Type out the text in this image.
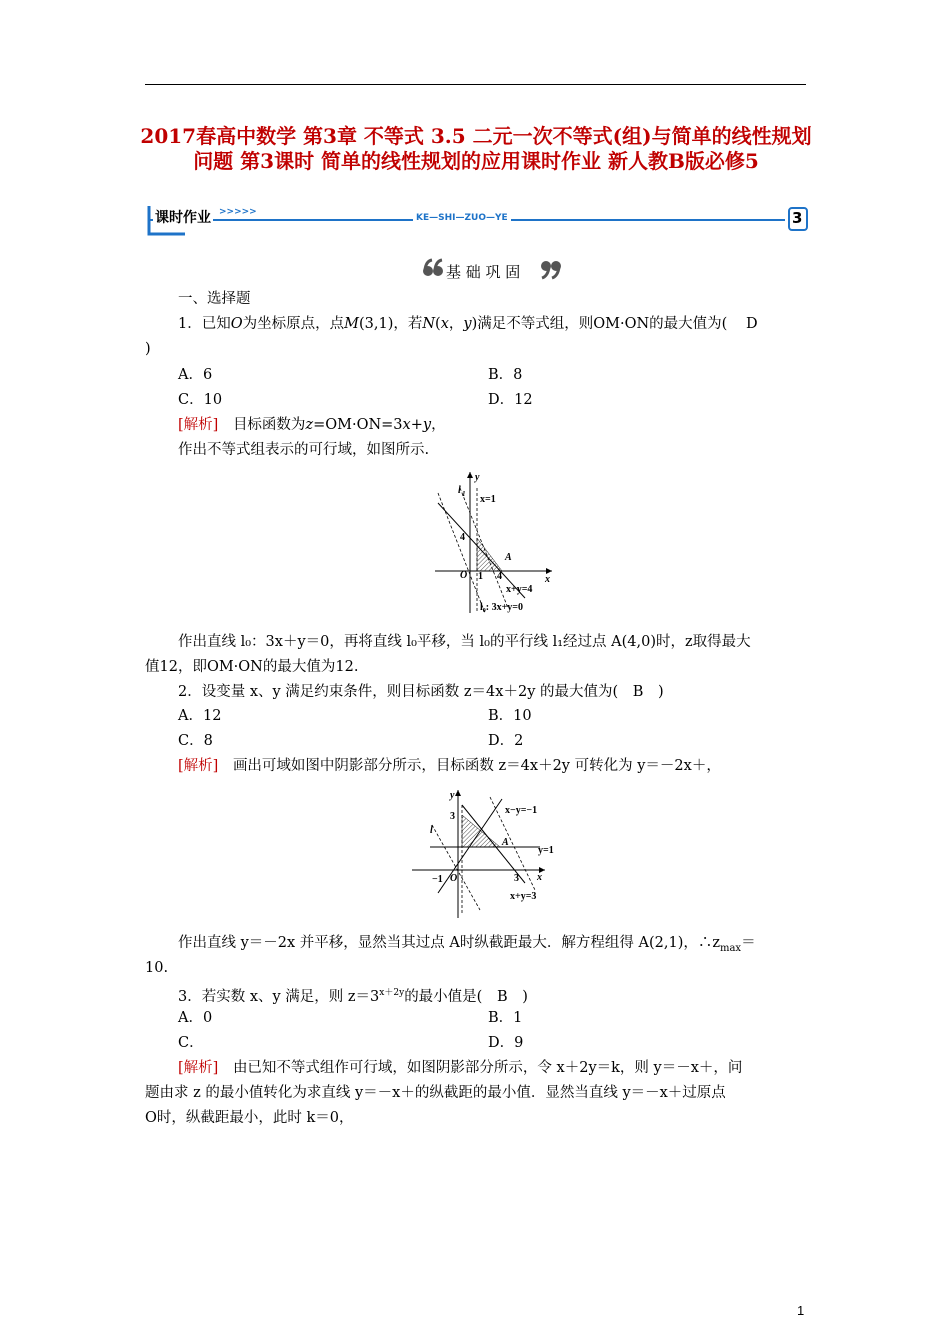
2017春高中数学 第3章 不等式 3.5 二元一次不等式(组)与简单的线性规划问题 第3课时 简单的线性规划的应用课时作业 新人教B版必修5
课时作业 >>>>>
KE—SHI—ZUO—YE	3
基 础 巩 固
一、选择题
1．已知O为坐标原点，点M(3,1)，若N(x，y)满足不等式组，则OM·ON的最大值为( D
)
A．6	B．8
C．10	D．12
[解析] 目标函数为z=OM·ON=3x+y，
作出不等式组表示的可行域，如图所示.
y
x
l 1 x=1
4
O 1 4
A
x+y=4
l₀: 3x+y=0
作出直线 l₀：3x＋y＝0，再将直线 l₀平移，当 l₀的平行线 l₁经过点 A(4,0)时，z取得最大
值12，即OM·ON的最大值为12.
2．设变量 x、y 满足约束条件，则目标函数 z＝4x＋2y 的最大值为( B )
A．12	B．10
C．8	D．2
[解析] 画出可域如图中阴影部分所示，目标函数 z＝4x＋2y 可转化为 y＝－2x＋，
y
x
3
3
−1 O
l
A
x−y=−1
y=1
x+y=3
作出直线 y＝－2x 并平移，显然当其过点 A时纵截距最大．解方程组得 A(2,1)，$\therefore z_{max}=$
10.
3．若实数 x、y 满足，则 $z=3^{x+2y}$的最小值是( B )
A．0	B．1
C．	D．9
[解析] 由已知不等式组作可行域，如图阴影部分所示，令 x＋2y＝k，则 y＝－x＋，问
题由求 z 的最小值转化为求直线 y＝－x＋的纵截距的最小值．显然当直线 y＝－x＋过原点
O时，纵截距最小，此时 k＝0，
1
